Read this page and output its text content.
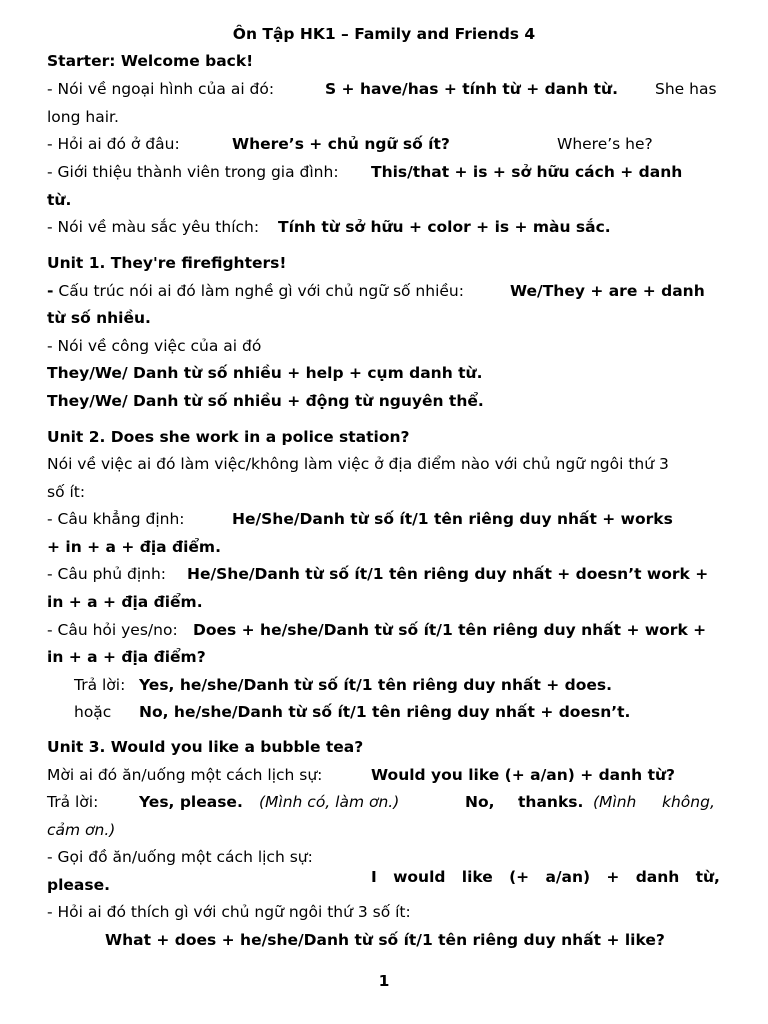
Ôn Tập HK1 – Family and Friends 4
Starter: Welcome back!
- Nói về ngoại hình của ai đó:	S + have/has + tính từ + danh từ. She has
long hair.
- Hỏi ai đó ở đâu:	Where’s + chủ ngữ số ít?	Where’s he?
- Giới thiệu thành viên trong gia đình: This/that + is + sở hữu cách + danh
từ.
- Nói về màu sắc yêu thích: Tính từ sở hữu + color + is + màu sắc.
Unit 1. They're firefighters!
- Cấu trúc nói ai đó làm nghề gì với chủ ngữ số nhiều:	We/They + are + danh
từ số nhiều.
- Nói về công việc của ai đó
They/We/ Danh từ số nhiều + help + cụm danh từ.
They/We/ Danh từ số nhiều + động từ nguyên thể.
Unit 2. Does she work in a police station?
Nói về việc ai đó làm việc/không làm việc ở địa điểm nào với chủ ngữ ngôi thứ 3
số ít:
- Câu khẳng định:	He/She/Danh từ số ít/1 tên riêng duy nhất + works
+ in + a + địa điểm.
- Câu phủ định: He/She/Danh từ số ít/1 tên riêng duy nhất + doesn’t work +
in + a + địa điểm.
- Câu hỏi yes/no: Does + he/she/Danh từ số ít/1 tên riêng duy nhất + work +
in + a + địa điểm?
Trả lời: Yes, he/she/Danh từ số ít/1 tên riêng duy nhất + does.
hoặc No, he/she/Danh từ số ít/1 tên riêng duy nhất + doesn’t.
Unit 3. Would you like a bubble tea?
Mời ai đó ăn/uống một cách lịch sự:	Would you like (+ a/an) + danh từ?
Trả lời:	Yes, please. (Mình có, làm ơn.)	No, thanks. (Mình không,
cảm ơn.)
- Gọi đồ ăn/uống một cách lịch sự:
I would like (+ a/an) + danh từ,
please.
- Hỏi ai đó thích gì với chủ ngữ ngôi thứ 3 số ít:
What + does + he/she/Danh từ số ít/1 tên riêng duy nhất + like?
1
